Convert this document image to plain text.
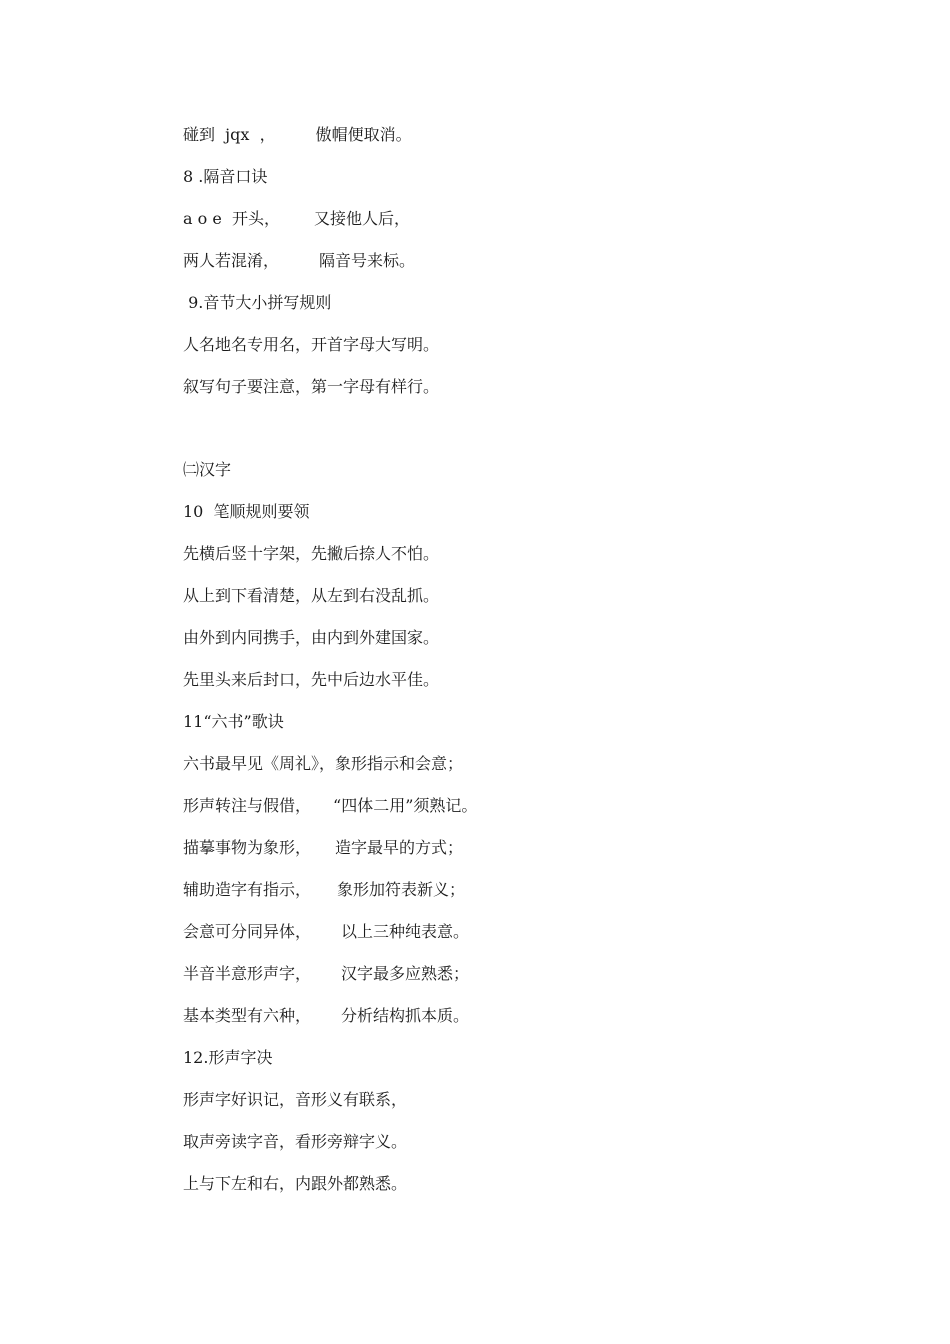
碰到  jqx  ，	傲帽便取消。
8 .隔音口诀
a o e  开头， 又接他人后，
两人若混淆，	隔音号来标。
9.音节大小拼写规则
人名地名专用名，开首字母大写明。
叙写句子要注意，第一字母有样行。
㈡汉字
10  笔顺规则要领
先横后竖十字架，先撇后捺人不怕。
从上到下看清楚，从左到右没乱抓。
由外到内同携手，由内到外建国家。
先里头来后封口，先中后边水平佳。
11“六书”歌诀
六书最早见《周礼》，象形指示和会意；
形声转注与假借， “四体二用”须熟记。
描摹事物为象形， 造字最早的方式；
辅助造字有指示， 象形加符表新义；
会意可分同异体， 以上三种纯表意。
半音半意形声字， 汉字最多应熟悉；
基本类型有六种， 分析结构抓本质。
12.形声字决
形声字好识记，音形义有联系，
取声旁读字音，看形旁辩字义。
上与下左和右，内跟外都熟悉。
